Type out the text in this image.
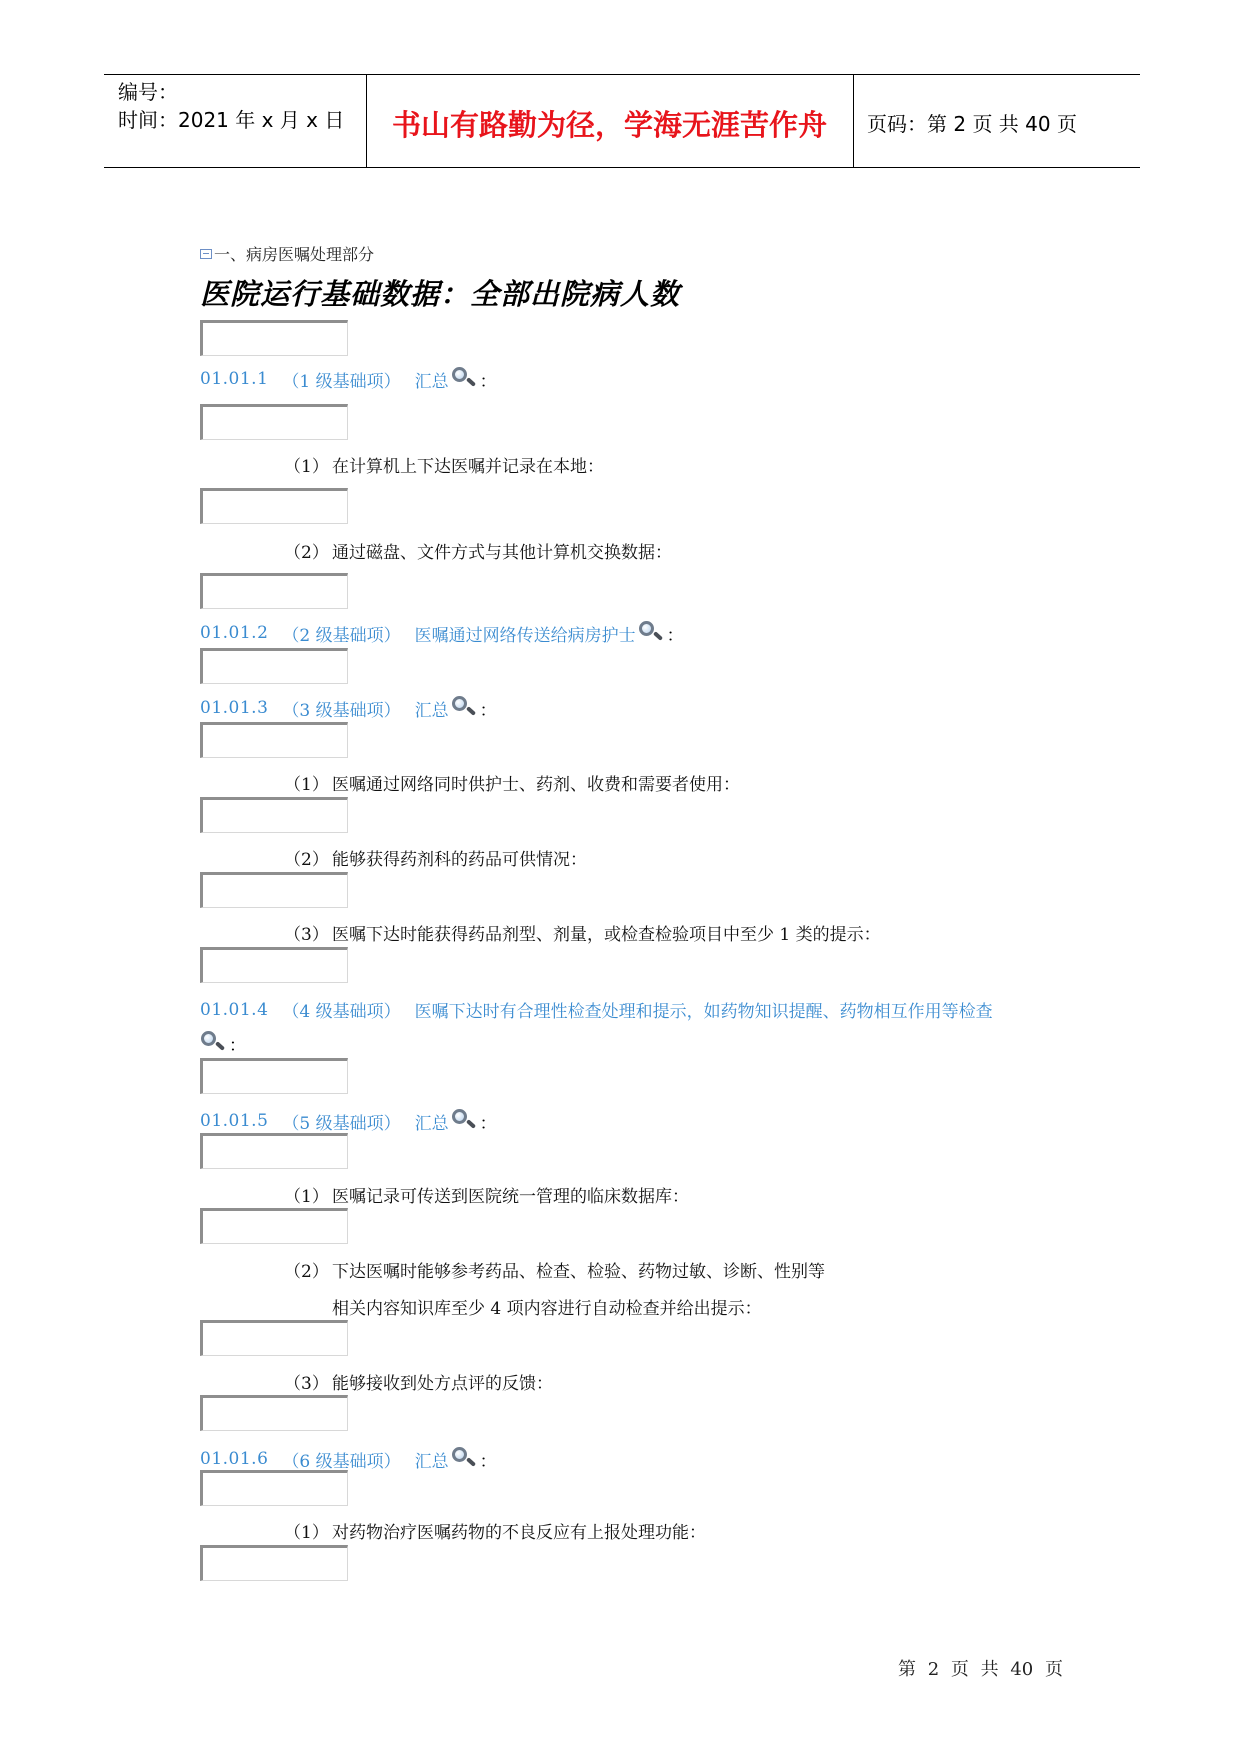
编号：
时间：2021 年 x 月 x 日	书山有路勤为径，学海无涯苦作舟	页码：第 2 页 共 40 页
一、病房医嘱处理部分
医院运行基础数据：全部出院病人数
01.01.1 （1 级基础项） 汇总 ：
（1） 在计算机上下达医嘱并记录在本地：
（2） 通过磁盘、文件方式与其他计算机交换数据：
01.01.2 （2 级基础项） 医嘱通过网络传送给病房护士 ：
01.01.3 （3 级基础项） 汇总 ：
（1） 医嘱通过网络同时供护士、药剂、收费和需要者使用：
（2） 能够获得药剂科的药品可供情况：
（3） 医嘱下达时能获得药品剂型、剂量，或检查检验项目中至少 1 类的提示：
01.01.4 （4 级基础项） 医嘱下达时有合理性检查处理和提示，如药物知识提醒、药物相互作用等检查
：
01.01.5 （5 级基础项） 汇总 ：
（1） 医嘱记录可传送到医院统一管理的临床数据库：
（2） 下达医嘱时能够参考药品、检查、检验、药物过敏、诊断、性别等
相关内容知识库至少 4 项内容进行自动检查并给出提示：
（3） 能够接收到处方点评的反馈：
01.01.6 （6 级基础项） 汇总 ：
（1） 对药物治疗医嘱药物的不良反应有上报处理功能：
第 2 页 共 40 页
